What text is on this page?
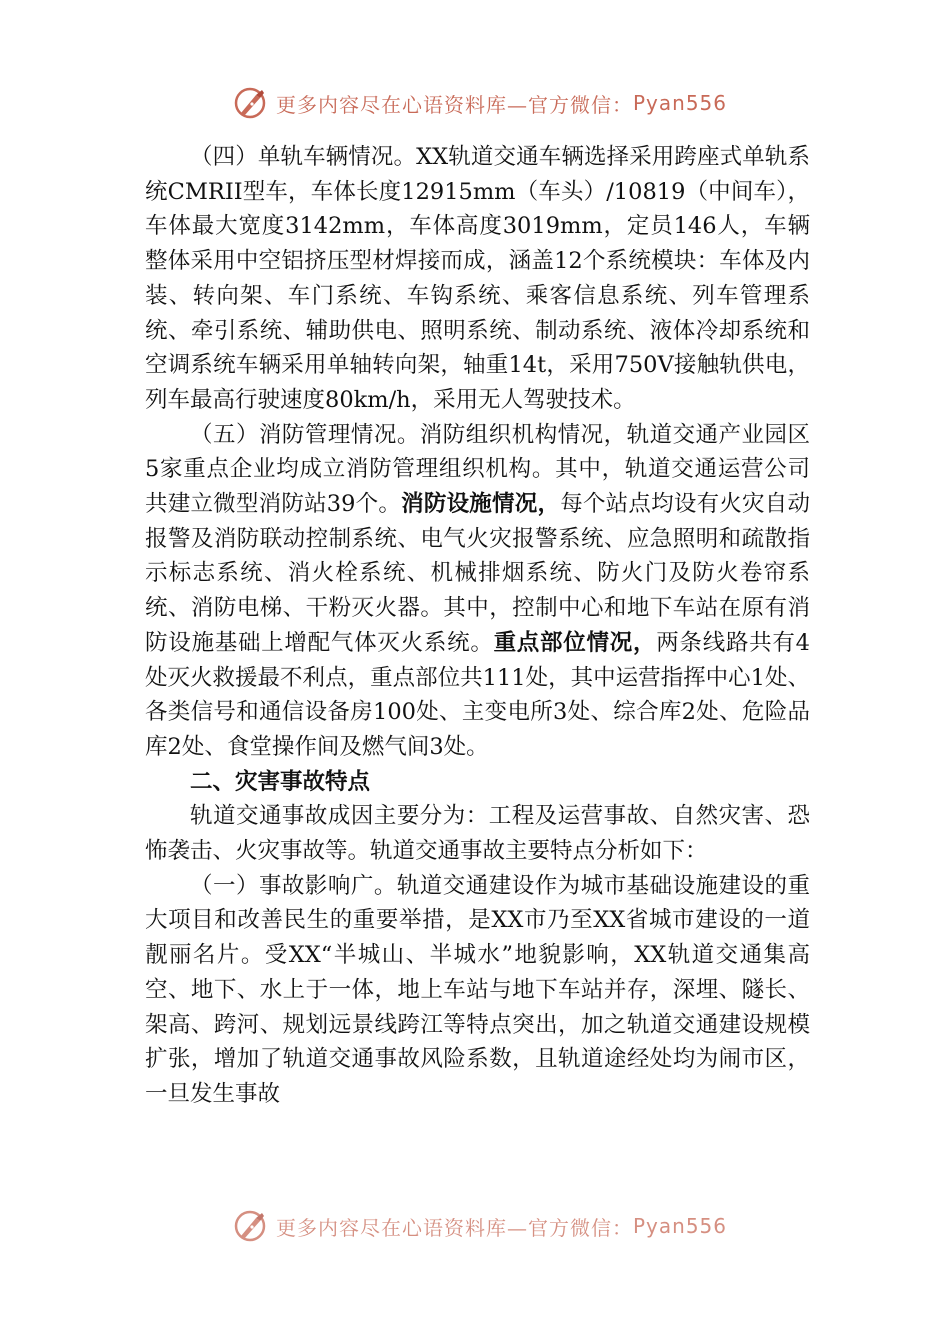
更多内容尽在心语资料库—官方微信： Pyan556

（四）单轨车辆情况。XX轨道交通车辆选择采用跨座式单轨系统CMRII型车，车体长度12915mm（车头）/10819（中间车），车体最大宽度3142mm，车体高度3019mm，定员146人，车辆整体采用中空铝挤压型材焊接而成，涵盖12个系统模块：车体及内装、转向架、车门系统、车钩系统、乘客信息系统、列车管理系统、牵引系统、辅助供电、照明系统、制动系统、液体冷却系统和空调系统车辆采用单轴转向架，轴重14t，采用750V接触轨供电，列车最高行驶速度80km/h，采用无人驾驶技术。

（五）消防管理情况。消防组织机构情况，轨道交通产业园区5家重点企业均成立消防管理组织机构。其中，轨道交通运营公司共建立微型消防站39个。消防设施情况，每个站点均设有火灾自动报警及消防联动控制系统、电气火灾报警系统、应急照明和疏散指示标志系统、消火栓系统、机械排烟系统、防火门及防火卷帘系统、消防电梯、干粉灭火器。其中，控制中心和地下车站在原有消防设施基础上增配气体灭火系统。重点部位情况，两条线路共有4处灭火救援最不利点，重点部位共111处，其中运营指挥中心1处、各类信号和通信设备房100处、主变电所3处、综合库2处、危险品库2处、食堂操作间及燃气间3处。

二、灾害事故特点

轨道交通事故成因主要分为：工程及运营事故、自然灾害、恐怖袭击、火灾事故等。轨道交通事故主要特点分析如下：

（一）事故影响广。轨道交通建设作为城市基础设施建设的重大项目和改善民生的重要举措，是XX市乃至XX省城市建设的一道靓丽名片。受XX“半城山、半城水”地貌影响，XX轨道交通集高空、地下、水上于一体，地上车站与地下车站并存，深埋、隧长、架高、跨河、规划远景线跨江等特点突出，加之轨道交通建设规模扩张，增加了轨道交通事故风险系数，且轨道途经处均为闹市区，一旦发生事故

更多内容尽在心语资料库—官方微信： Pyan556
